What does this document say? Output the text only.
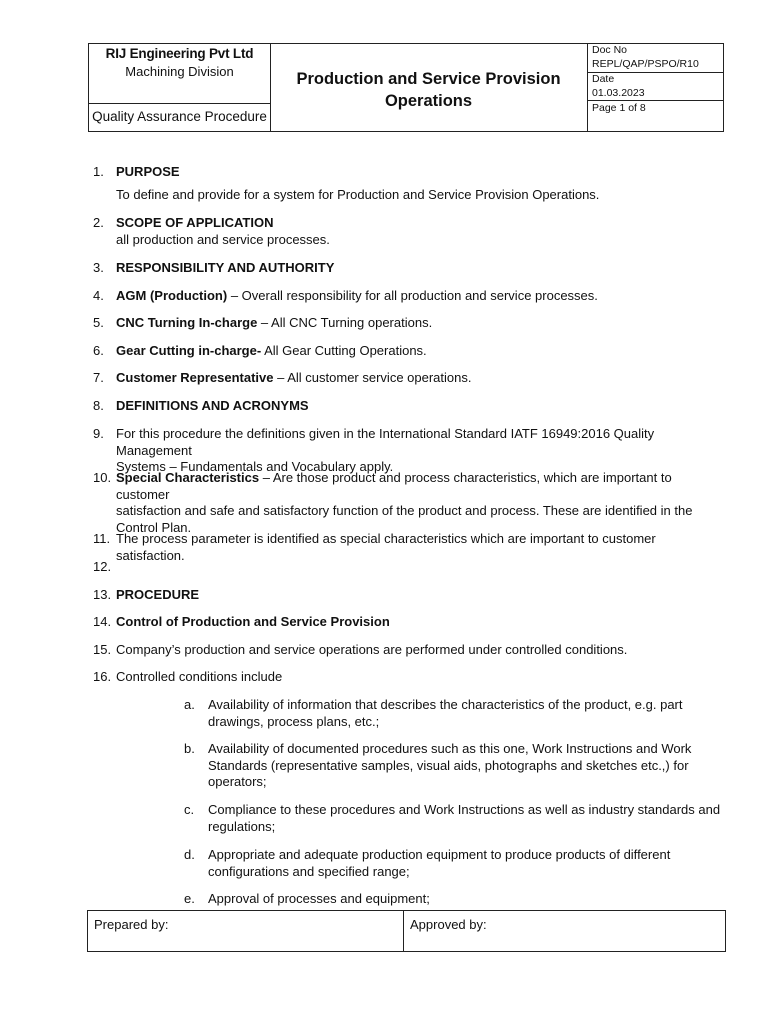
RIJ Engineering Pvt Ltd
Machining Division
Quality Assurance Procedure
Production and Service Provision
Operations
Doc No
REPL/QAP/PSPO/R10
Date
01.03.2023
Page 1 of 8
1. PURPOSE
To define and provide for a system for Production and Service Provision Operations.
2. SCOPE OF APPLICATION
all production and service processes.
3. RESPONSIBILITY AND AUTHORITY
4. AGM (Production) – Overall responsibility for all production and service processes.
5. CNC Turning In-charge – All CNC Turning operations.
6. Gear Cutting in-charge- All Gear Cutting Operations.
7. Customer Representative – All customer service operations.
8. DEFINITIONS AND ACRONYMS
9. For this procedure the definitions given in the International Standard IATF 16949:2016 Quality Management
Systems – Fundamentals and Vocabulary apply.
10. Special Characteristics – Are those product and process characteristics, which are important to customer
satisfaction and safe and satisfactory function of the product and process. These are identified in the
Control Plan.
11. The process parameter is identified as special characteristics which are important to customer satisfaction.
12.
13. PROCEDURE
14. Control of Production and Service Provision
15. Company’s production and service operations are performed under controlled conditions.
16. Controlled conditions include
a. Availability of information that describes the characteristics of the product, e.g. part
drawings, process plans, etc.;
b. Availability of documented procedures such as this one, Work Instructions and Work
Standards (representative samples, visual aids, photographs and sketches etc.,) for
operators;
c. Compliance to these procedures and Work Instructions as well as industry standards and
regulations;
d. Appropriate and adequate production equipment to produce products of different
configurations and specified range;
e. Approval of processes and equipment;
Prepared by:	Approved by:
